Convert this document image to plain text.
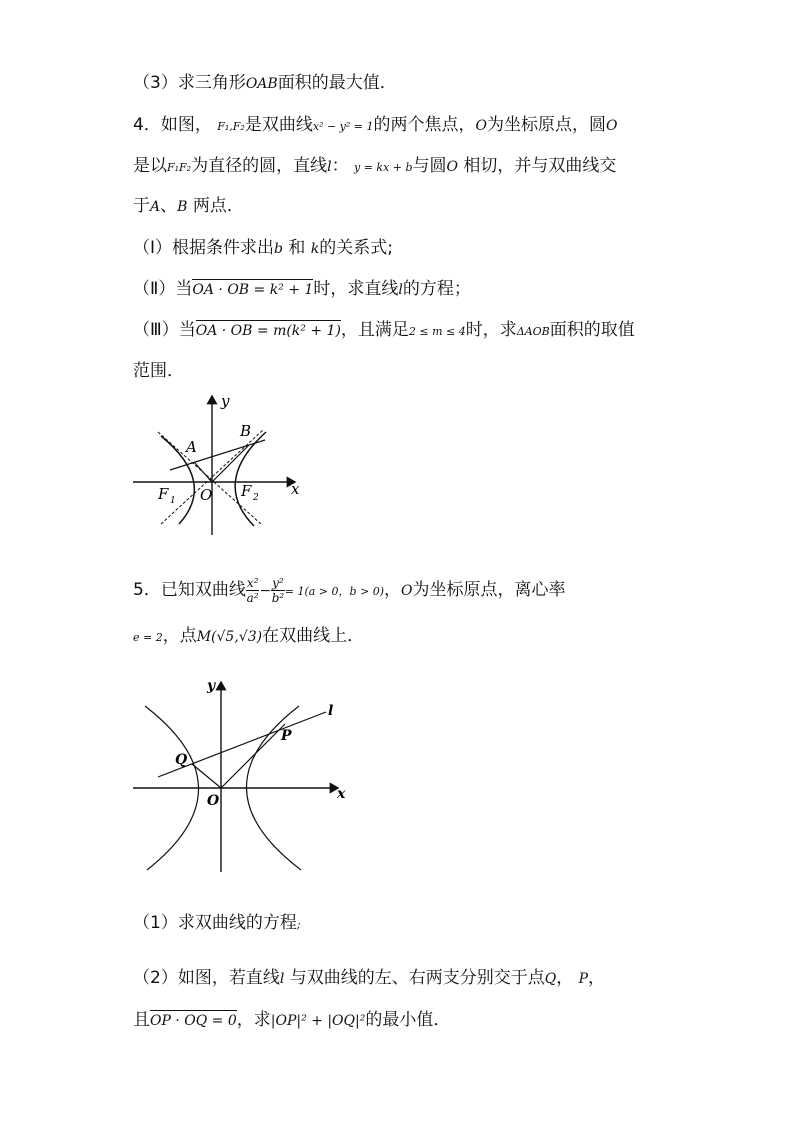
（3）求三角形OAB面积的最大值．
4．如图， F₁,F₂是双曲线x² − y² = 1的两个焦点，O为坐标原点，圆O
是以F₁F₂为直径的圆，直线l： y = kx + b与圆O 相切，并与双曲线交
于A、B 两点．
（Ⅰ）根据条件求出b 和 k的关系式;
（Ⅱ）当OA · OB = k² + 1时，求直线l的方程；
（Ⅲ）当OA · OB = m(k² + 1)，且满足2 ≤ m ≤ 4时，求ΔAOB面积的取值
范围．
y
x
A
B
O
F 1
F 2
5．已知双曲线 $\frac{\text{x²}}{\text{a²}} - \frac{\text{y²}}{\text{b²}} = 1(a > 0$，b > 0)，O为坐标原点，离心率
e = 2，点M(√5,√3)在双曲线上．
y
x
l
P
Q
O
（1）求双曲线的方程;
（2）如图，若直线l 与双曲线的左、右两支分别交于点Q， P，
且OP · OQ = 0，求|OP|² + |OQ|²的最小值．
